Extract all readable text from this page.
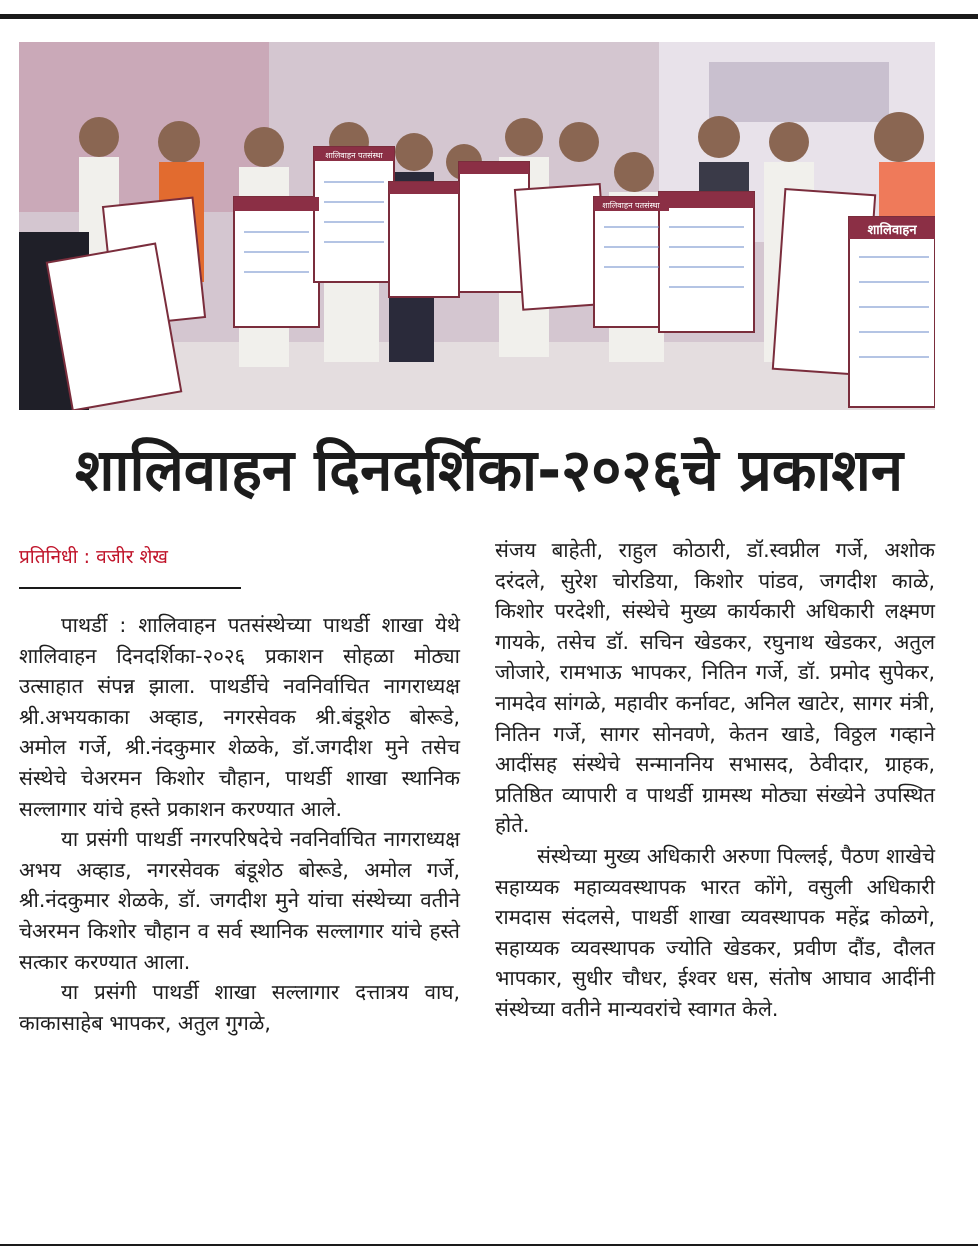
शालिवाहन पतसंस्था
शालिवाहन पतसंस्था
शालिवाहन
शालिवाहन दिनदर्शिका-२०२६चे प्रकाशन
प्रतिनिधी : वजीर शेख

पाथर्डी : शालिवाहन पतसंस्थेच्या पाथर्डी शाखा येथे शालिवाहन दिनदर्शिका-२०२६ प्रकाशन सोहळा मोठ्या उत्साहात संपन्न झाला. पाथर्डीचे नवनिर्वाचित नागराध्यक्ष श्री.अभयकाका अव्हाड, नगरसेवक श्री.बंडूशेठ बोरूडे, अमोल गर्जे, श्री.नंदकुमार शेळके, डॉ.जगदीश मुने तसेच संस्थेचे चेअरमन किशोर चौहान, पाथर्डी शाखा स्थानिक सल्लागार यांचे हस्ते प्रकाशन करण्यात आले.

या प्रसंगी पाथर्डी नगरपरिषदेचे नवनिर्वाचित नागराध्यक्ष अभय अव्हाड, नगरसेवक बंडूशेठ बोरूडे, अमोल गर्जे, श्री.नंदकुमार शेळके, डॉ. जगदीश मुने यांचा संस्थेच्या वतीने चेअरमन किशोर चौहान व सर्व स्थानिक सल्लागार यांचे हस्ते सत्कार करण्यात आला.

या प्रसंगी पाथर्डी शाखा सल्लागार दत्तात्रय वाघ, काकासाहेब भापकर, अतुल गुगळे,

संजय बाहेती, राहुल कोठारी, डॉ.स्वप्नील गर्जे, अशोक दरंदले, सुरेश चोरडिया, किशोर पांडव, जगदीश काळे, किशोर परदेशी, संस्थेचे मुख्य कार्यकारी अधिकारी लक्ष्मण गायके, तसेच डॉ. सचिन खेडकर, रघुनाथ खेडकर, अतुल जोजारे, रामभाऊ भापकर, नितिन गर्जे, डॉ. प्रमोद सुपेकर, नामदेव सांगळे, महावीर कर्नावट, अनिल खाटेर, सागर मंत्री, नितिन गर्जे, सागर सोनवणे, केतन खाडे, विठ्ठल गव्हाने आदींसह संस्थेचे सन्माननिय सभासद, ठेवीदार, ग्राहक, प्रतिष्ठित व्यापारी व पाथर्डी ग्रामस्थ मोठ्या संख्येने उपस्थित होते.

संस्थेच्या मुख्य अधिकारी अरुणा पिल्लई, पैठण शाखेचे सहाय्यक महाव्यवस्थापक भारत कोंगे, वसुली अधिकारी रामदास संदलसे, पाथर्डी शाखा व्यवस्थापक महेंद्र कोळगे, सहाय्यक व्यवस्थापक ज्योति खेडकर, प्रवीण दौंड, दौलत भापकार, सुधीर चौधर, ईश्वर धस, संतोष आघाव आदींनी संस्थेच्या वतीने मान्यवरांचे स्वागत केले.
